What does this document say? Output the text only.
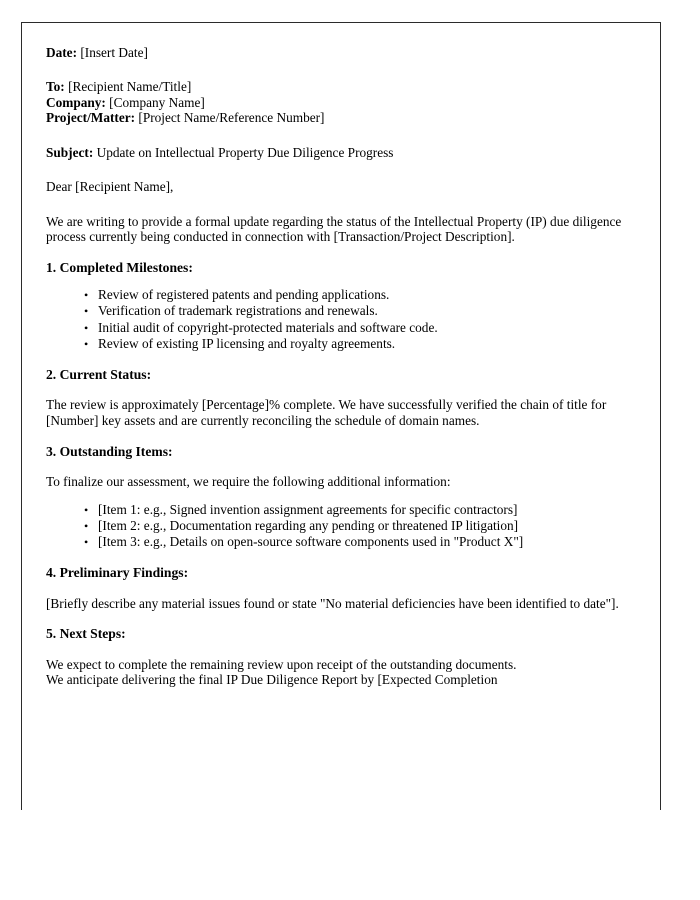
Date: [Insert Date]

To: [Recipient Name/Title]

Company: [Company Name]

Project/Matter: [Project Name/Reference Number]

Subject: Update on Intellectual Property Due Diligence Progress

Dear [Recipient Name],

We are writing to provide a formal update regarding the status of the Intellectual Property (IP) due diligence process currently being conducted in connection with [Transaction/Project Description].

1. Completed Milestones:

• Review of registered patents and pending applications.
• Verification of trademark registrations and renewals.
• Initial audit of copyright-protected materials and software code.
• Review of existing IP licensing and royalty agreements.

2. Current Status:

The review is approximately [Percentage]% complete. We have successfully verified the chain of title for [Number] key assets and are currently reconciling the schedule of domain names.

3. Outstanding Items:

To finalize our assessment, we require the following additional information:

• [Item 1: e.g., Signed invention assignment agreements for specific contractors]
• [Item 2: e.g., Documentation regarding any pending or threatened IP litigation]
• [Item 3: e.g., Details on open-source software components used in "Product X"]

4. Preliminary Findings:

[Briefly describe any material issues found or state "No material deficiencies have been identified to date"].

5. Next Steps:

We expect to complete the remaining review upon receipt of the outstanding documents.

We anticipate delivering the final IP Due Diligence Report by [Expected Completion
